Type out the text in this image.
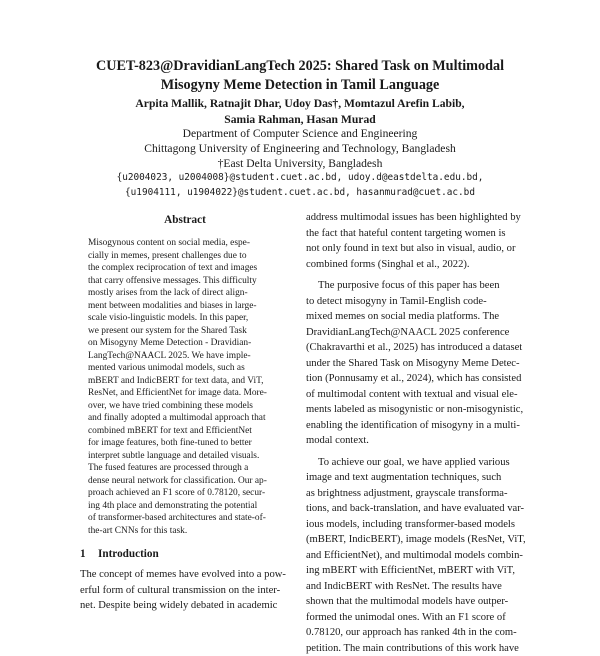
CUET-823@DravidianLangTech 2025: Shared Task on Multimodal
Misogyny Meme Detection in Tamil Language
Arpita Mallik, Ratnajit Dhar, Udoy Das†, Momtazul Arefin Labib,
Samia Rahman, Hasan Murad
Department of Computer Science and Engineering
Chittagong University of Engineering and Technology, Bangladesh
†East Delta University, Bangladesh
{u2004023, u2004008}@student.cuet.ac.bd, udoy.d@eastdelta.edu.bd,
{u1904111, u1904022}@student.cuet.ac.bd, hasanmurad@cuet.ac.bd
Abstract
Misogynous content on social media, espe-
cially in memes, present challenges due to
the complex reciprocation of text and images
that carry offensive messages. This difficulty
mostly arises from the lack of direct align-
ment between modalities and biases in large-
scale visio-linguistic models. In this paper,
we present our system for the Shared Task
on Misogyny Meme Detection - Dravidian-
LangTech@NAACL 2025. We have imple-
mented various unimodal models, such as
mBERT and IndicBERT for text data, and ViT,
ResNet, and EfficientNet for image data. More-
over, we have tried combining these models
and finally adopted a multimodal approach that
combined mBERT for text and EfficientNet
for image features, both fine-tuned to better
interpret subtle language and detailed visuals.
The fused features are processed through a
dense neural network for classification. Our ap-
proach achieved an F1 score of 0.78120, secur-
ing 4th place and demonstrating the potential
of transformer-based architectures and state-of-
the-art CNNs for this task.
1 Introduction
The concept of memes have evolved into a pow-
erful form of cultural transmission on the inter-
net. Despite being widely debated in academic
address multimodal issues has been highlighted by
the fact that hateful content targeting women is
not only found in text but also in visual, audio, or
combined forms (Singhal et al., 2022).
The purposive focus of this paper has been
to detect misogyny in Tamil-English code-
mixed memes on social media platforms. The
DravidianLangTech@NAACL 2025 conference
(Chakravarthi et al., 2025) has introduced a dataset
under the Shared Task on Misogyny Meme Detec-
tion (Ponnusamy et al., 2024), which has consisted
of multimodal content with textual and visual ele-
ments labeled as misogynistic or non-misogynistic,
enabling the identification of misogyny in a multi-
modal context.
To achieve our goal, we have applied various
image and text augmentation techniques, such
as brightness adjustment, grayscale transforma-
tions, and back-translation, and have evaluated var-
ious models, including transformer-based models
(mBERT, IndicBERT), image models (ResNet, ViT,
and EfficientNet), and multimodal models combin-
ing mBERT with EfficientNet, mBERT with ViT,
and IndicBERT with ResNet. The results have
shown that the multimodal models have outper-
formed the unimodal ones. With an F1 score of
0.78120, our approach has ranked 4th in the com-
petition. The main contributions of this work have
